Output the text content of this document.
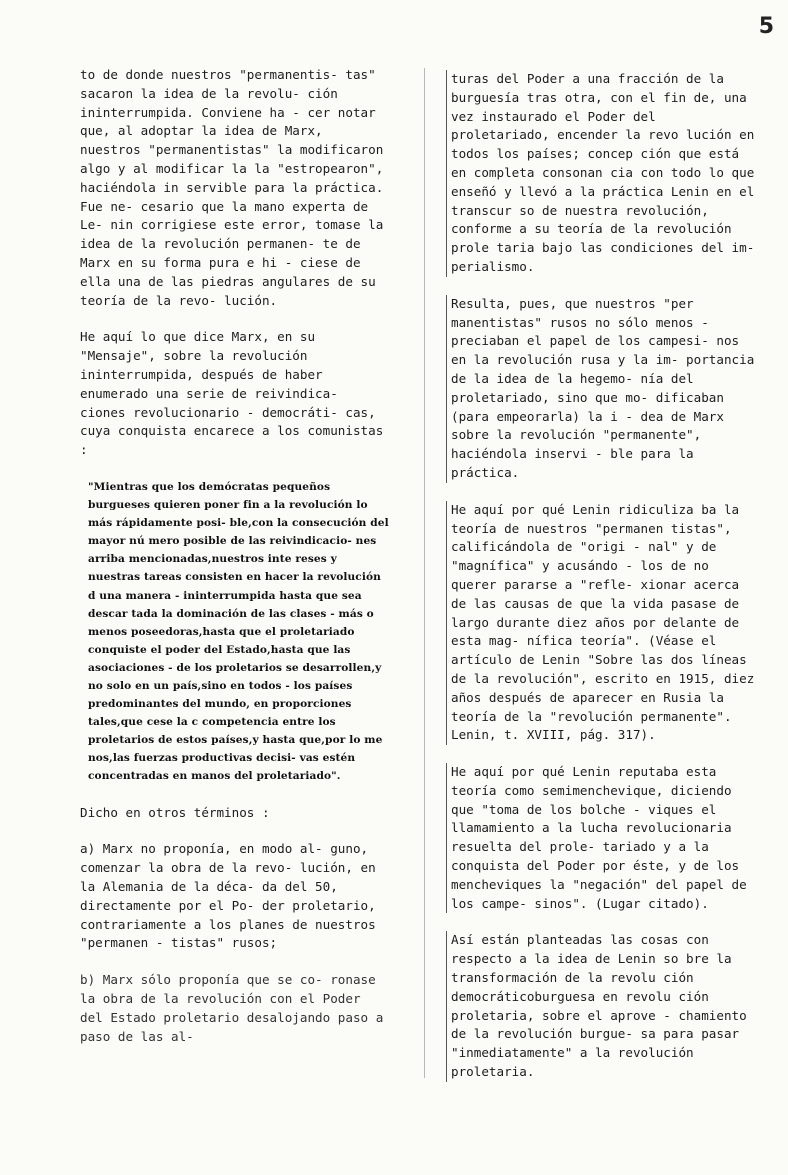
5

to de donde nuestros "permanentis- tas" sacaron la idea de la revolu- ción ininterrumpida. Conviene ha - cer notar que, al adoptar la idea de Marx, nuestros "permanentistas" la modificaron algo y al modificar la la "estropearon", haciéndola in servible para la práctica. Fue ne- cesario que la mano experta de Le- nin corrigiese este error, tomase la idea de la revolución permanen- te de Marx en su forma pura e hi - ciese de ella una de las piedras angulares de su teoría de la revo- lución.

He aquí lo que dice Marx, en su "Mensaje", sobre la revolución ininterrumpida, después de haber enumerado una serie de reivindica- ciones revolucionario - democráti- cas, cuya conquista encarece a los comunistas :

"Mientras que los demócratas pequeños burgueses quieren poner fin a la revolución lo más rápidamente posi- ble,con la consecución del mayor nú mero posible de las reivindicacio- nes arriba mencionadas,nuestros inte reses y nuestras tareas consisten en hacer la revolución d una manera - ininterrumpida hasta que sea descar tada la dominación de las clases - más o menos poseedoras,hasta que el proletariado conquiste el poder del Estado,hasta que las asociaciones - de los proletarios se desarrollen,y no solo en un país,sino en todos - los países predominantes del mundo, en proporciones tales,que cese la c competencia entre los proletarios de estos países,y hasta que,por lo me nos,las fuerzas productivas decisi- vas estén concentradas en manos del proletariado".

Dicho en otros términos :

a) Marx no proponía, en modo al- guno, comenzar la obra de la revo- lución, en la Alemania de la déca- da del 50, directamente por el Po- der proletario, contrariamente a los planes de nuestros "permanen - tistas" rusos;

b) Marx sólo proponía que se co- ronase la obra de la revolución con el Poder del Estado proletario desalojando paso a paso de las al-

turas del Poder a una fracción de la burguesía tras otra, con el fin de, una vez instaurado el Poder del proletariado, encender la revo lución en todos los países; concep ción que está en completa consonan cia con todo lo que enseñó y llevó a la práctica Lenin en el transcur so de nuestra revolución, conforme a su teoría de la revolución prole taria bajo las condiciones del im- perialismo.

Resulta, pues, que nuestros "per manentistas" rusos no sólo menos - preciaban el papel de los campesi- nos en la revolución rusa y la im- portancia de la idea de la hegemo- nía del proletariado, sino que mo- dificaban (para empeorarla) la i - dea de Marx sobre la revolución "permanente", haciéndola inservi - ble para la práctica.

He aquí por qué Lenin ridiculiza ba la teoría de nuestros "permanen tistas", calificándola de "origi - nal" y de "magnífica" y acusándo - los de no querer pararse a "refle- xionar acerca de las causas de que la vida pasase de largo durante diez años por delante de esta mag- nífica teoría". (Véase el artículo de Lenin "Sobre las dos líneas de la revolución", escrito en 1915, diez años después de aparecer en Rusia la teoría de la "revolución permanente". Lenin, t. XVIII, pág. 317).

He aquí por qué Lenin reputaba esta teoría como semimenchevique, diciendo que "toma de los bolche - viques el llamamiento a la lucha revolucionaria resuelta del prole- tariado y a la conquista del Poder por éste, y de los mencheviques la "negación" del papel de los campe- sinos". (Lugar citado).

Así están planteadas las cosas con respecto a la idea de Lenin so bre la transformación de la revolu ción democráticoburguesa en revolu ción proletaria, sobre el aprove - chamiento de la revolución burgue- sa para pasar "inmediatamente" a la revolución proletaria.
